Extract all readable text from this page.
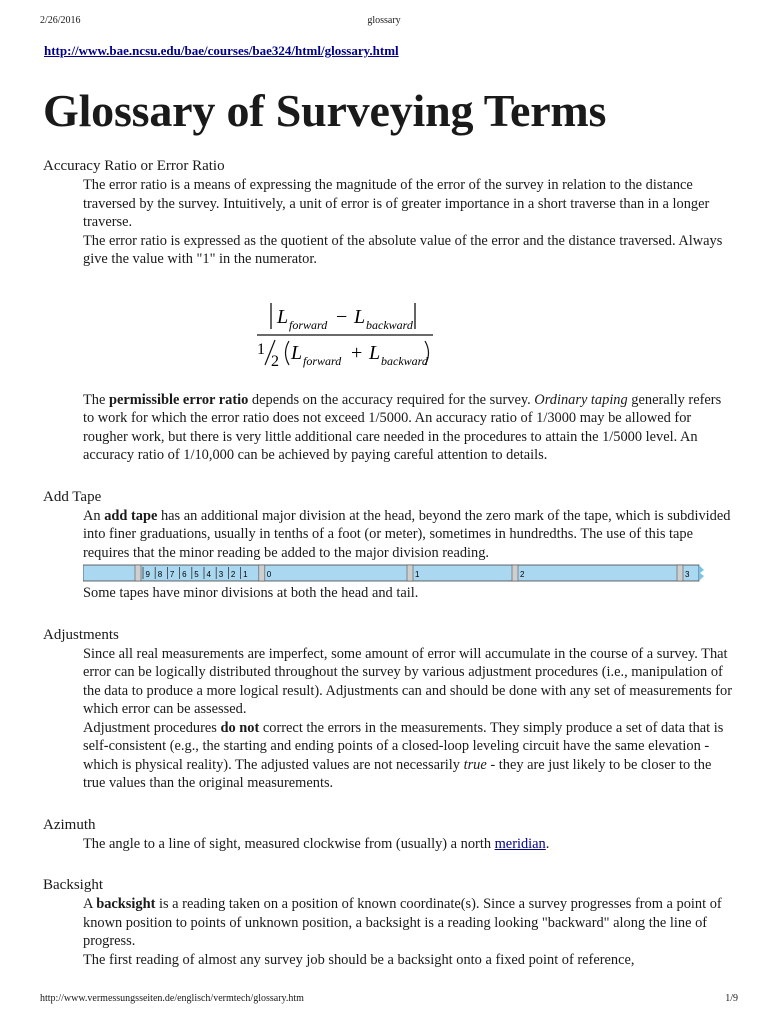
2/26/2016	glossary
http://www.bae.ncsu.edu/bae/courses/bae324/html/glossary.html
Glossary of Surveying Terms
Accuracy Ratio or Error Ratio

The error ratio is a means of expressing the magnitude of the error of the survey in relation to the distance traversed by the survey. Intuitively, a unit of error is of greater importance in a short traverse than in a longer traverse.

The error ratio is expressed as the quotient of the absolute value of the error and the distance traversed. Always give the value with "1" in the numerator.

L forward − L backward
1
2 L forward + L backward

The permissible error ratio depends on the accuracy required for the survey. Ordinary taping generally refers to work for which the error ratio does not exceed 1/5000. An accuracy ratio of 1/3000 may be allowed for rougher work, but there is very little additional care needed in the procedures to attain the 1/5000 level. An accuracy ratio of 1/10,000 can be achieved by paying careful attention to details.

Add Tape

An add tape has an additional major division at the head, beyond the zero mark of the tape, which is subdivided into finer graduations, usually in tenths of a foot (or meter), sometimes in hundredths. The use of this tape requires that the minor reading be added to the major division reading.

9 8 7 6 5 4 3 2 1 0	1	2	3

Some tapes have minor divisions at both the head and tail.

Adjustments

Since all real measurements are imperfect, some amount of error will accumulate in the course of a survey. That error can be logically distributed throughout the survey by various adjustment procedures (i.e., manipulation of the data to produce a more logical result). Adjustments can and should be done with any set of measurements for which error can be assessed.

Adjustment procedures do not correct the errors in the measurements. They simply produce a set of data that is self-consistent (e.g., the starting and ending points of a closed-loop leveling circuit have the same elevation - which is physical reality). The adjusted values are not necessarily true - they are just likely to be closer to the true values than the original measurements.

Azimuth

The angle to a line of sight, measured clockwise from (usually) a north meridian.

Backsight

A backsight is a reading taken on a position of known coordinate(s). Since a survey progresses from a point of known position to points of unknown position, a backsight is a reading looking "backward" along the line of progress.

The first reading of almost any survey job should be a backsight onto a fixed point of reference,

http://www.vermessungsseiten.de/englisch/vermtech/glossary.htm	1/9
